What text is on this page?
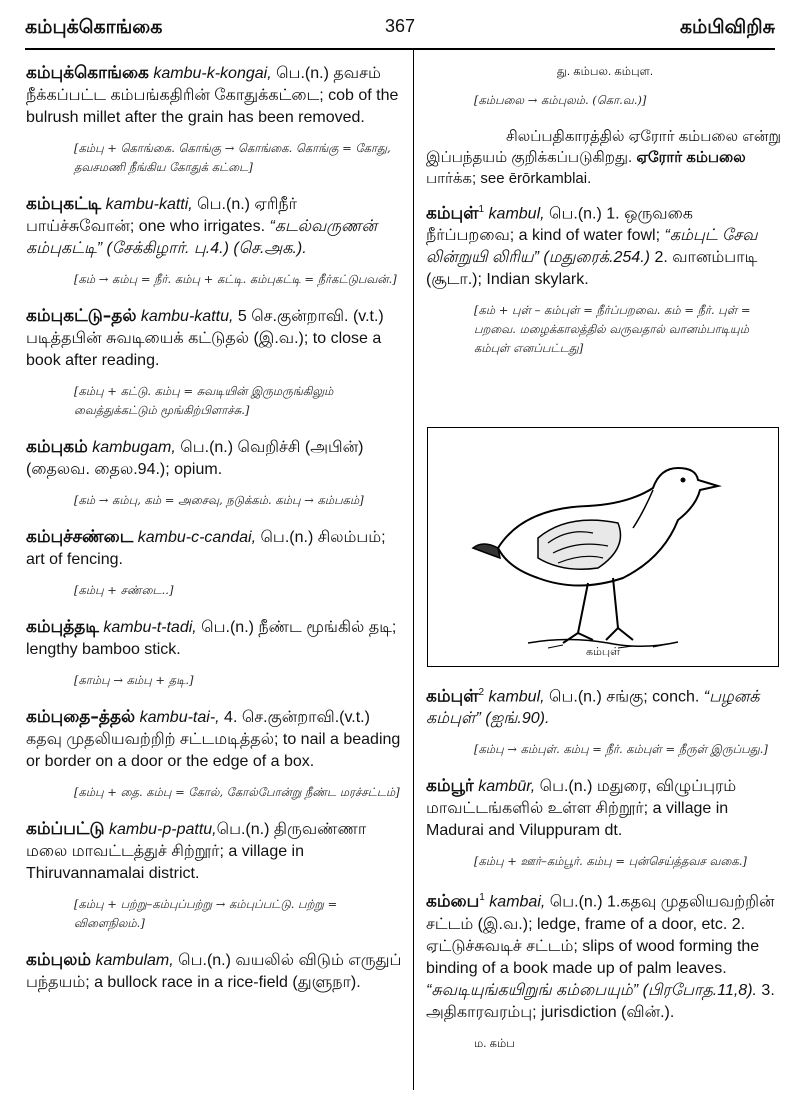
கம்புக்கொங்கை	367	கம்பிவிறிசு
கம்புக்கொங்கை kambu-k-kongai, பெ.(n.) தவசம் நீக்கப்பட்ட கம்பங்கதிரின் கோதுக்கட்டை; cob of the bulrush millet after the grain has been removed.
[கம்பு + கொங்கை. கொங்கு → கொங்கை. கொங்கு = கோது, தவசமணி நீங்கிய கோதுக் கட்டை]
கம்புகட்டி kambu-katti, பெ.(n.) ஏரிநீர் பாய்ச்சுவோன்; one who irrigates. “கடல்வருணன் கம்புகட்டி” (சேக்கிழார். பு.4.) (செ.அக.).
[கம் → கம்பு = நீர். கம்பு + கட்டி. கம்புகட்டி = நீர்கட்டுபவன்.]
கம்புகட்டு–தல் kambu-kattu, 5 செ.குன்றாவி. (v.t.) படித்தபின் சுவடியைக் கட்டுதல் (இ.வ.); to close a book after reading.
[கம்பு + கட்டு. கம்பு = சுவடியின் இருமருங்கிலும் வைத்துக்கட்டும் மூங்கிற்பிளாச்சு.]
கம்புகம் kambugam, பெ.(n.) வெறிச்சி (அபின்) (தைலவ. தைல.94.); opium.
[கம் → கம்பு, கம் = அசைவு, நடுக்கம். கம்பு → கம்பகம்]
கம்புச்சண்டை kambu-c-candai, பெ.(n.) சிலம்பம்; art of fencing.
[கம்பு + சண்டை..]
கம்புத்தடி kambu-t-tadi, பெ.(n.) நீண்ட மூங்கில் தடி; lengthy bamboo stick.
[காம்பு → கம்பு + தடி.]
கம்புதை–த்தல் kambu-tai-, 4. செ.குன்றாவி.(v.t.) கதவு முதலியவற்றிற் சட்டமடித்தல்; to nail a beading or border on a door or the edge of a box.
[கம்பு + தை. கம்பு = கோல், கோல்போன்று நீண்ட மரச்சட்டம்]
கம்ப்பட்டு kambu-p-pattu,பெ.(n.) திருவண்ணா மலை மாவட்டத்துச் சிற்றூர்; a village in Thiruvannamalai district.
[கம்பு + பற்று–கம்புப்பற்று → கம்புப்பட்டு. பற்று = விளைநிலம்.]
கம்புலம் kambulam, பெ.(n.) வயலில் விடும் எருதுப் பந்தயம்; a bullock race in a rice-field (துளுநா).
து. கம்பல. கம்புள.
[கம்பலை → கம்புலம். (கொ.வ.)]
சிலப்பதிகாரத்தில் ஏரோர் கம்பலை என்று இப்பந்தயம் குறிக்கப்படுகிறது. ஏரோர் கம்பலை பார்க்க; see ērōrkamblai.
கம்புள்$^1$ kambul, பெ.(n.) 1. ஒருவகை நீர்ப்பறவை; a kind of water fowl; “கம்புட் சேவ லின்றுயி லிரிய” (மதுரைக்.254.) 2. வானம்பாடி (சூடா.); Indian skylark.
[கம் + புள் – கம்புள் = நீர்ப்பறவை. கம் = நீர். புள் = பறவை. மழைக்காலத்தில் வருவதால் வானம்பாடியும் கம்புள் எனப்பட்டது]
கம்புள்
கம்புள்$^2$ kambul, பெ.(n.) சங்கு; conch. “பழனக் கம்புள்” (ஐங்.90).
[கம்பு → கம்புள். கம்பு = நீர். கம்புள் = நீருள் இருப்பது.]
கம்பூர் kambūr, பெ.(n.) மதுரை, விழுப்புரம் மாவட்டங்களில் உள்ள சிற்றூர்; a village in Madurai and Viluppuram dt.
[கம்பு + ஊர்–கம்பூர். கம்பு = புன்செய்த்தவச வகை.]
கம்பை$^1$ kambai, பெ.(n.) 1.கதவு முதலியவற்றின் சட்டம் (இ.வ.); ledge, frame of a door, etc. 2. ஏட்டுச்சுவடிச் சட்டம்; slips of wood forming the binding of a book made up of palm leaves. “சுவடியுங்கயிறுங் கம்பையும்” (பிரபோத.11,8). 3. அதிகாரவரம்பு; jurisdiction (வின்.).
ம. கம்ப
